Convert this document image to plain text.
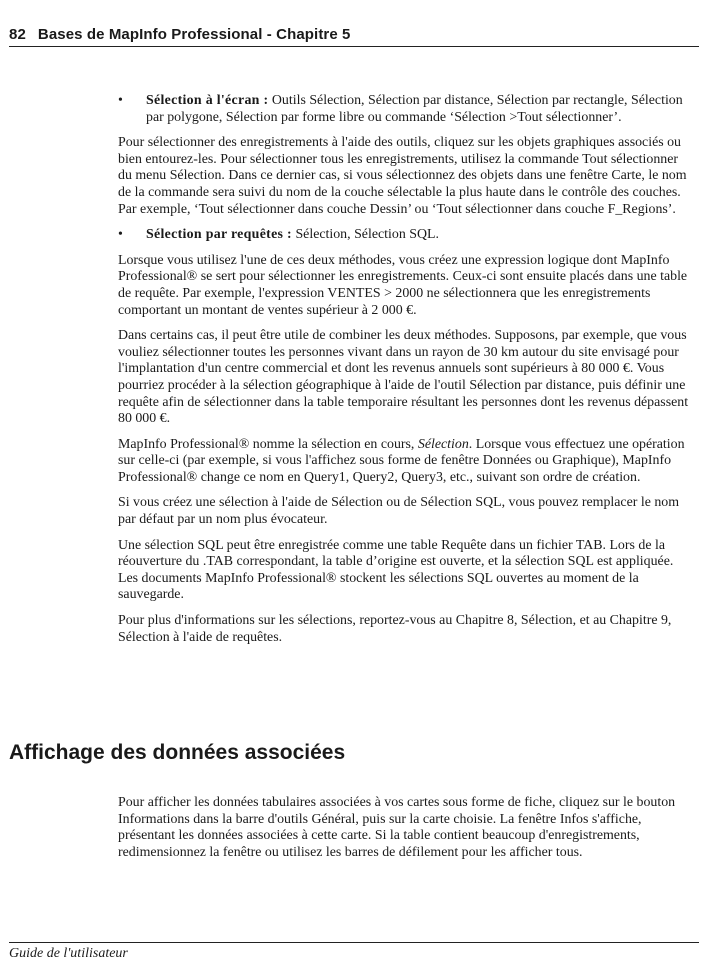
82 Bases de MapInfo Professional - Chapitre 5
• Sélection à l'écran : Outils Sélection, Sélection par distance, Sélection par rectangle, Sélection par polygone, Sélection par forme libre ou commande ‘Sélection >Tout sélectionner’.

Pour sélectionner des enregistrements à l'aide des outils, cliquez sur les objets graphiques associés ou bien entourez-les. Pour sélectionner tous les enregistrements, utilisez la commande Tout sélectionner du menu Sélection. Dans ce dernier cas, si vous sélectionnez des objets dans une fenêtre Carte, le nom de la commande sera suivi du nom de la couche sélectable la plus haute dans le contrôle des couches. Par exemple, ‘Tout sélectionner dans couche Dessin’ ou ‘Tout sélectionner dans couche F_Regions’.

• Sélection par requêtes : Sélection, Sélection SQL.

Lorsque vous utilisez l'une de ces deux méthodes, vous créez une expression logique dont MapInfo Professional® se sert pour sélectionner les enregistrements. Ceux-ci sont ensuite placés dans une table de requête. Par exemple, l'expression VENTES > 2000 ne sélectionnera que les enregistrements comportant un montant de ventes supérieur à 2 000 €.

Dans certains cas, il peut être utile de combiner les deux méthodes. Supposons, par exemple, que vous vouliez sélectionner toutes les personnes vivant dans un rayon de 30 km autour du site envisagé pour l'implantation d'un centre commercial et dont les revenus annuels sont supérieurs à 80 000 €. Vous pourriez procéder à la sélection géographique à l'aide de l'outil Sélection par distance, puis définir une requête afin de sélectionner dans la table temporaire résultant les personnes dont les revenus dépassent 80 000 €.

MapInfo Professional® nomme la sélection en cours, Sélection. Lorsque vous effectuez une opération sur celle-ci (par exemple, si vous l'affichez sous forme de fenêtre Données ou Graphique), MapInfo Professional® change ce nom en Query1, Query2, Query3, etc., suivant son ordre de création.

Si vous créez une sélection à l'aide de Sélection ou de Sélection SQL, vous pouvez remplacer le nom par défaut par un nom plus évocateur.

Une sélection SQL peut être enregistrée comme une table Requête dans un fichier TAB. Lors de la réouverture du .TAB correspondant, la table d’origine est ouverte, et la sélection SQL est appliquée. Les documents MapInfo Professional® stockent les sélections SQL ouvertes au moment de la sauvegarde.

Pour plus d'informations sur les sélections, reportez-vous au Chapitre 8, Sélection, et au Chapitre 9, Sélection à l'aide de requêtes.

Affichage des données associées

Pour afficher les données tabulaires associées à vos cartes sous forme de fiche, cliquez sur le bouton Informations dans la barre d'outils Général, puis sur la carte choisie. La fenêtre Infos s'affiche, présentant les données associées à cette carte. Si la table contient beaucoup d'enregistrements, redimensionnez la fenêtre ou utilisez les barres de défilement pour les afficher tous.

Guide de l'utilisateur
